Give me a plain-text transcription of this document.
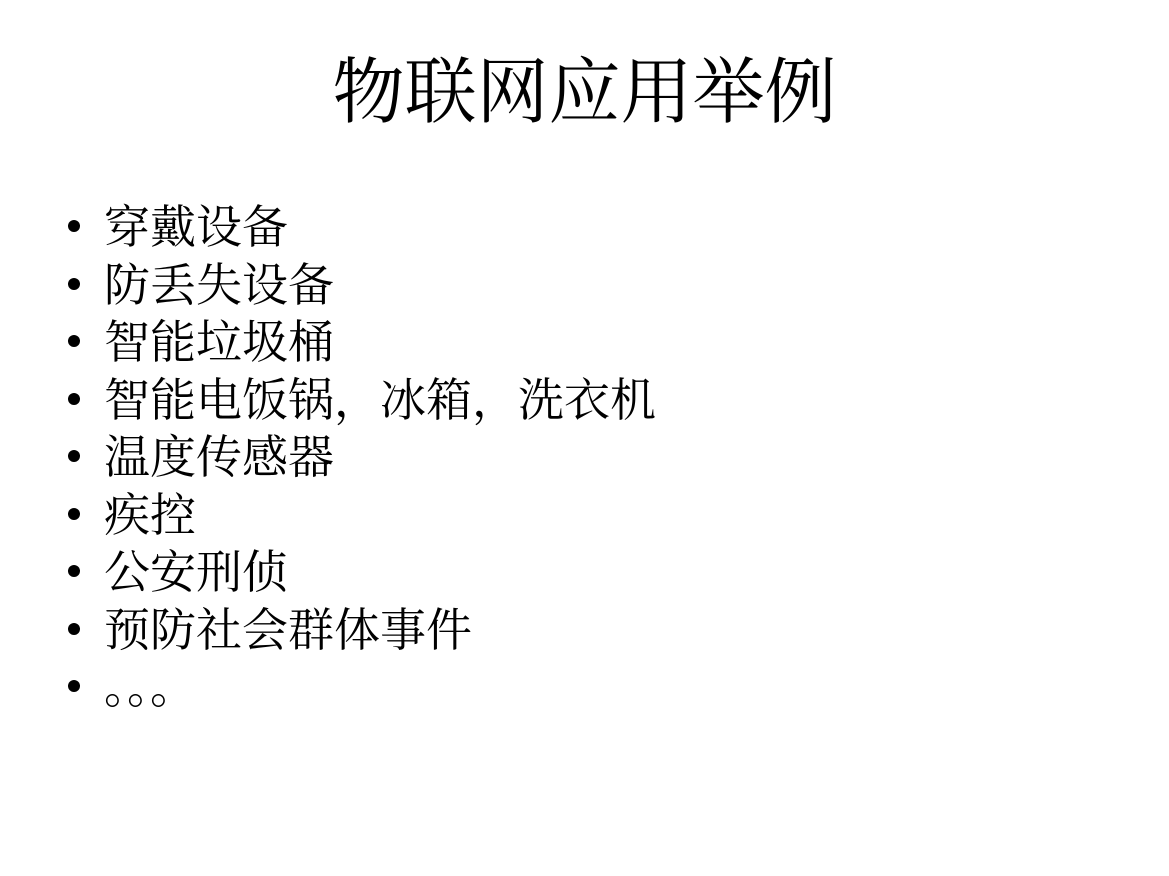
物联网应用举例
穿戴设备
防丢失设备
智能垃圾桶
智能电饭锅，冰箱，洗衣机
温度传感器
疾控
公安刑侦
预防社会群体事件
。。。
